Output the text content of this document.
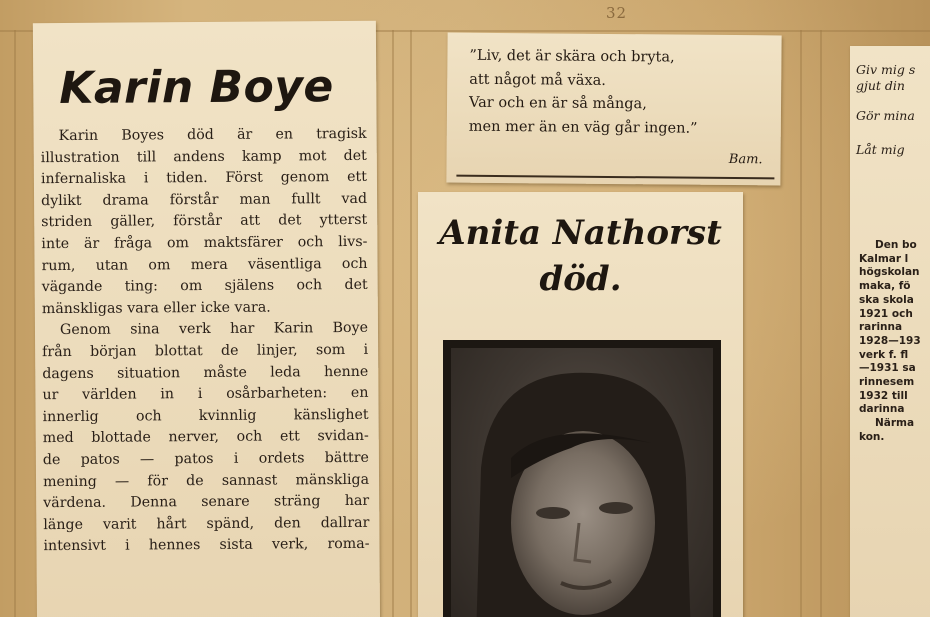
32
Karin Boye
Karin Boyes död är en tragisk
illustration till andens kamp mot det
infernaliska i tiden. Först genom ett
dylikt drama förstår man fullt vad
striden gäller, förstår att det ytterst
inte är fråga om maktsfärer och livs-
rum, utan om mera väsentliga och
vägande ting: om själens och det
mänskligas vara eller icke vara.
Genom sina verk har Karin Boye
från början blottat de linjer, som i
dagens situation måste leda henne
ur världen in i osårbarheten: en
innerlig och kvinnlig känslighet
med blottade nerver, och ett svidan-
de patos — patos i ordets bättre
mening — för de sannast mänskliga
värdena. Denna senare sträng har
länge varit hårt spänd, den dallrar
intensivt i hennes sista verk, roma-
”Liv, det är skära och bryta,
att något må växa.
Var och en är så många,
men mer än en väg går ingen.”
Bam.
Anita Nathorst
död.
Giv mig s
gjut din
Gör mina
Låt mig
Den bo
Kalmar l
högskolan
maka, fö
ska skola
1921 och
rarinna
1928—193
verk f. fl
—1931 sa
rinnesem
1932 till
darinna
Närma
kon.
